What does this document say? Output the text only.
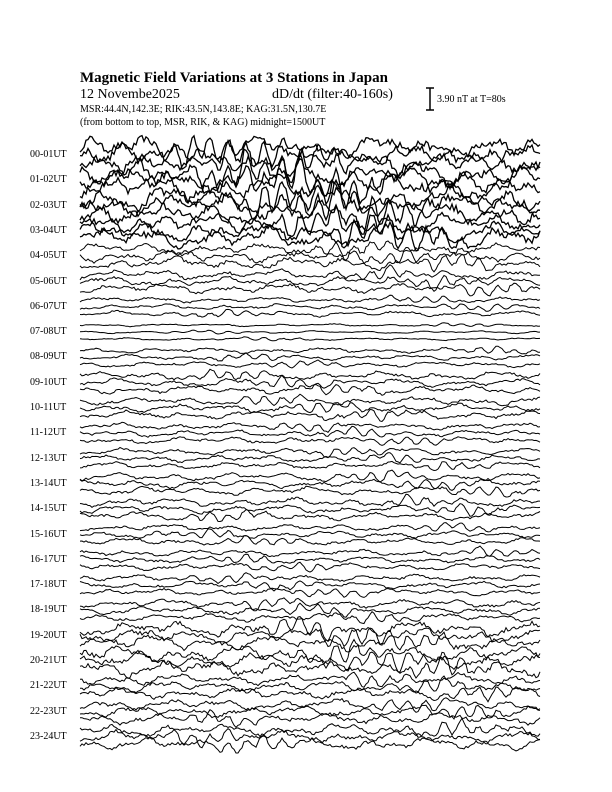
Magnetic Field Variations at 3 Stations in Japan
12 Novembe2025	dD/dt (filter:40-160s)
MSR:44.4N,142.3E; RIK:43.5N,143.8E; KAG:31.5N,130.7E
(from bottom to top, MSR, RIK, & KAG) midnight=1500UT
3.90 nT at T=80s
00-01UT
01-02UT
02-03UT
03-04UT
04-05UT
05-06UT
06-07UT
07-08UT
08-09UT
09-10UT
10-11UT
11-12UT
12-13UT
13-14UT
14-15UT
15-16UT
16-17UT
17-18UT
18-19UT
19-20UT
20-21UT
21-22UT
22-23UT
23-24UT
